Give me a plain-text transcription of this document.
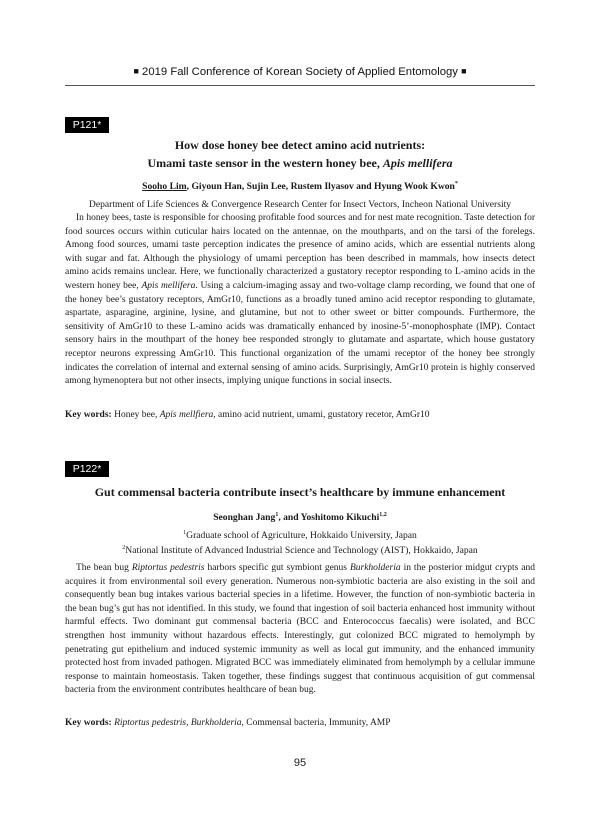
■ 2019 Fall Conference of Korean Society of Applied Entomology ■
P121*
How dose honey bee detect amino acid nutrients:
Umami taste sensor in the western honey bee, Apis mellifera
Sooho Lim, Giyoun Han, Sujin Lee, Rustem Ilyasov and Hyung Wook Kwon*
Department of Life Sciences & Convergence Research Center for Insect Vectors, Incheon National University
In honey bees, taste is responsible for choosing profitable food sources and for nest mate recognition. Taste detection for food sources occurs within cuticular hairs located on the antennae, on the mouthparts, and on the tarsi of the forelegs. Among food sources, umami taste perception indicates the presence of amino acids, which are essential nutrients along with sugar and fat. Although the physiology of umami perception has been described in mammals, how insects detect amino acids remains unclear. Here, we functionally characterized a gustatory receptor responding to L-amino acids in the western honey bee, Apis mellifera. Using a calcium-imaging assay and two-voltage clamp recording, we found that one of the honey bee’s gustatory receptors, AmGr10, functions as a broadly tuned amino acid receptor responding to glutamate, aspartate, asparagine, arginine, lysine, and glutamine, but not to other sweet or bitter compounds. Furthermore, the sensitivity of AmGr10 to these L-amino acids was dramatically enhanced by inosine-5’-monophosphate (IMP). Contact sensory hairs in the mouthpart of the honey bee responded strongly to glutamate and aspartate, which house gustatory receptor neurons expressing AmGr10. This functional organization of the umami receptor of the honey bee strongly indicates the correlation of internal and external sensing of amino acids. Surprisingly, AmGr10 protein is highly conserved among hymenoptera but not other insects, implying unique functions in social insects.
Key words: Honey bee, Apis mellfiera, amino acid nutrient, umami, gustatory recetor, AmGr10
P122*
Gut commensal bacteria contribute insect’s healthcare by immune enhancement
Seonghan Jang$^1$, and Yoshitomo Kikuchi$^{1,2}$
$^1$Graduate school of Agriculture, Hokkaido University, Japan
$^2$National Institute of Advanced Industrial Science and Technology (AIST), Hokkaido, Japan
The bean bug Riptortus pedestris harbors specific gut symbiont genus Burkholderia in the posterior midgut crypts and acquires it from environmental soil every generation. Numerous non-symbiotic bacteria are also existing in the soil and consequently bean bug intakes various bacterial species in a lifetime. However, the function of non-symbiotic bacteria in the bean bug’s gut has not identified. In this study, we found that ingestion of soil bacteria enhanced host immunity without harmful effects. Two dominant gut commensal bacteria (BCC and Enterococcus faecalis) were isolated, and BCC strengthen host immunity without hazardous effects. Interestingly, gut colonized BCC migrated to hemolymph by penetrating gut epithelium and induced systemic immunity as well as local gut immunity, and the enhanced immunity protected host from invaded pathogen. Migrated BCC was immediately eliminated from hemolymph by a cellular immune response to maintain homeostasis. Taken together, these findings suggest that continuous acquisition of gut commensal bacteria from the environment contributes healthcare of bean bug.
Key words: Riptortus pedestris, Burkholderia, Commensal bacteria, Immunity, AMP
95
